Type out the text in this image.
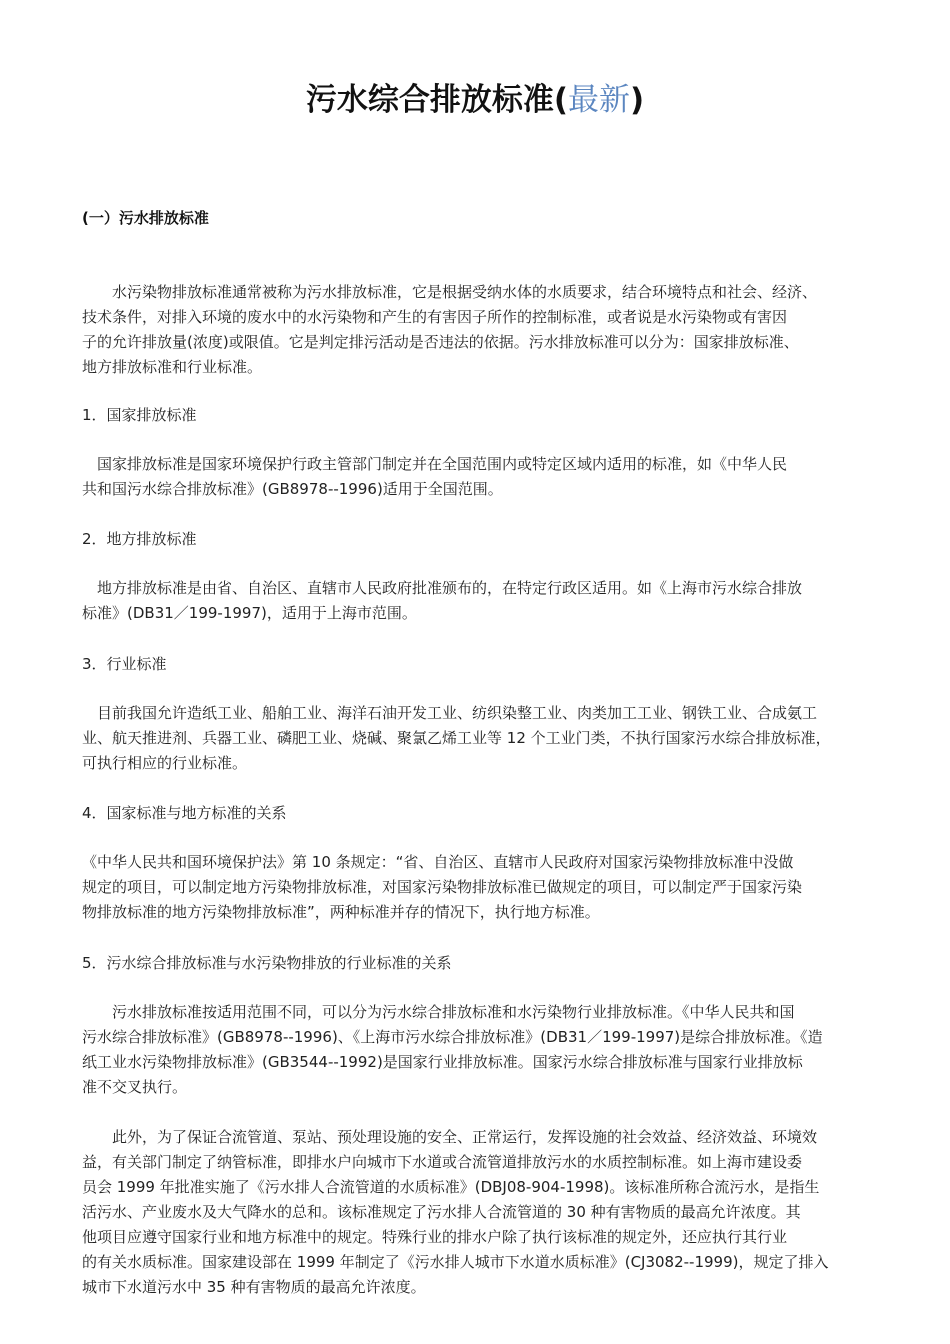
污水综合排放标准(最新)
(一）污水排放标准
　　水污染物排放标准通常被称为污水排放标准，它是根据受纳水体的水质要求，结合环境特点和社会、经济、
技术条件，对排入环境的废水中的水污染物和产生的有害因子所作的控制标准，或者说是水污染物或有害因
子的允许排放量(浓度)或限值。它是判定排污活动是否违法的依据。污水排放标准可以分为：国家排放标准、
地方排放标准和行业标准。
1．国家排放标准
　国家排放标准是国家环境保护行政主管部门制定并在全国范围内或特定区域内适用的标准，如《中华人民
共和国污水综合排放标准》(GB8978--1996)适用于全国范围。
2．地方排放标准
　地方排放标准是由省、自治区、直辖市人民政府批准颁布的，在特定行政区适用。如《上海市污水综合排放
标准》(DB31／199-1997)，适用于上海市范围。
3．行业标准
　目前我国允许造纸工业、船舶工业、海洋石油开发工业、纺织染整工业、肉类加工工业、钢铁工业、合成氨工
业、航天推进剂、兵器工业、磷肥工业、烧碱、聚氯乙烯工业等 12 个工业门类，不执行国家污水综合排放标准，
可执行相应的行业标准。
4．国家标准与地方标准的关系
《中华人民共和国环境保护法》第 10 条规定：“省、自治区、直辖市人民政府对国家污染物排放标准中没做
规定的项目，可以制定地方污染物排放标准，对国家污染物排放标准已做规定的项目，可以制定严于国家污染
物排放标准的地方污染物排放标准”，两种标准并存的情况下，执行地方标准。
5．污水综合排放标准与水污染物排放的行业标准的关系
　　污水排放标准按适用范围不同，可以分为污水综合排放标准和水污染物行业排放标准。《中华人民共和国
污水综合排放标准》(GB8978--1996)、《上海市污水综合排放标准》(DB31／199-1997)是综合排放标准。《造
纸工业水污染物排放标准》(GB3544--1992)是国家行业排放标准。国家污水综合排放标准与国家行业排放标
准不交叉执行。
　　此外，为了保证合流管道、泵站、预处理设施的安全、正常运行，发挥设施的社会效益、经济效益、环境效
益，有关部门制定了纳管标准，即排水户向城市下水道或合流管道排放污水的水质控制标准。如上海市建设委
员会 1999 年批准实施了《污水排人合流管道的水质标准》(DBJ08-904-1998)。该标准所称合流污水，是指生
活污水、产业废水及大气降水的总和。该标准规定了污水排人合流管道的 30 种有害物质的最高允许浓度。其
他项目应遵守国家行业和地方标准中的规定。特殊行业的排水户除了执行该标准的规定外，还应执行其行业
的有关水质标准。国家建设部在 1999 年制定了《污水排人城市下水道水质标准》(CJ3082--1999)，规定了排入
城市下水道污水中 35 种有害物质的最高允许浓度。
